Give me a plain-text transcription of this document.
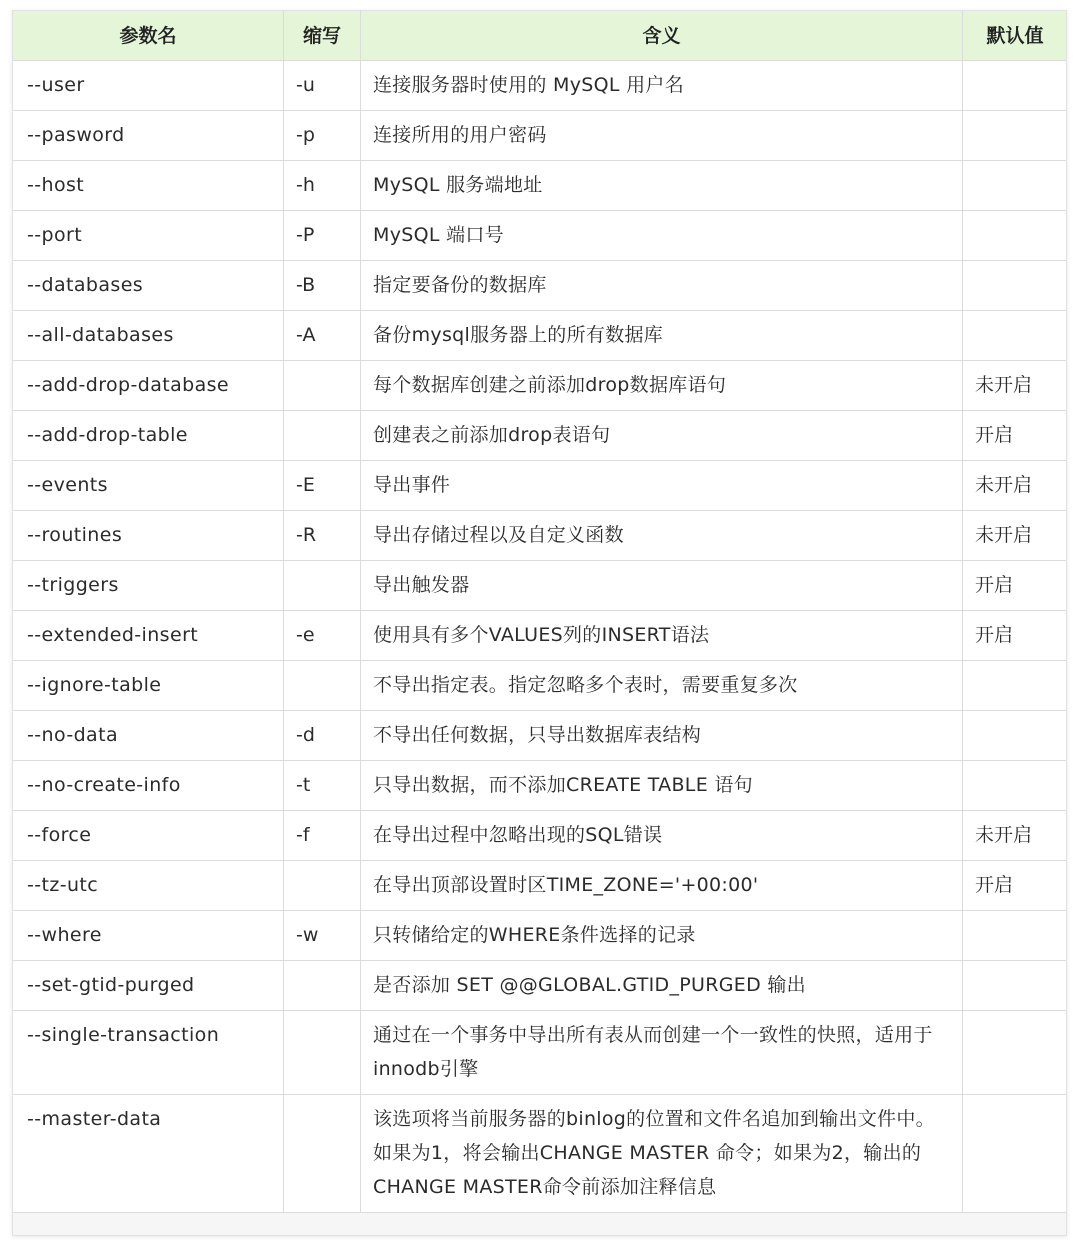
参数名	缩写	含义	默认值
--user	-u	连接服务器时使用的 MySQL 用户名	
--pasword	-p	连接所用的用户密码	
--host	-h	MySQL 服务端地址	
--port	-P	MySQL 端口号	
--databases	-B	指定要备份的数据库	
--all-databases	-A	备份mysql服务器上的所有数据库	
--add-drop-database		每个数据库创建之前添加drop数据库语句	未开启
--add-drop-table		创建表之前添加drop表语句	开启
--events	-E	导出事件	未开启
--routines	-R	导出存储过程以及自定义函数	未开启
--triggers		导出触发器	开启
--extended-insert	-e	使用具有多个VALUES列的INSERT语法	开启
--ignore-table		不导出指定表。指定忽略多个表时，需要重复多次	
--no-data	-d	不导出任何数据，只导出数据库表结构	
--no-create-info	-t	只导出数据，而不添加CREATE TABLE 语句	
--force	-f	在导出过程中忽略出现的SQL错误	未开启
--tz-utc		在导出顶部设置时区TIME_ZONE='+00:00'	开启
--where	-w	只转储给定的WHERE条件选择的记录	
--set-gtid-purged		是否添加 SET @@GLOBAL.GTID_PURGED 输出	
--single-transaction		通过在一个事务中导出所有表从而创建一个一致性的快照，适用于innodb引擎	
--master-data		该选项将当前服务器的binlog的位置和文件名追加到输出文件中。如果为1，将会输出CHANGE MASTER 命令；如果为2，输出的CHANGE MASTER命令前添加注释信息	
